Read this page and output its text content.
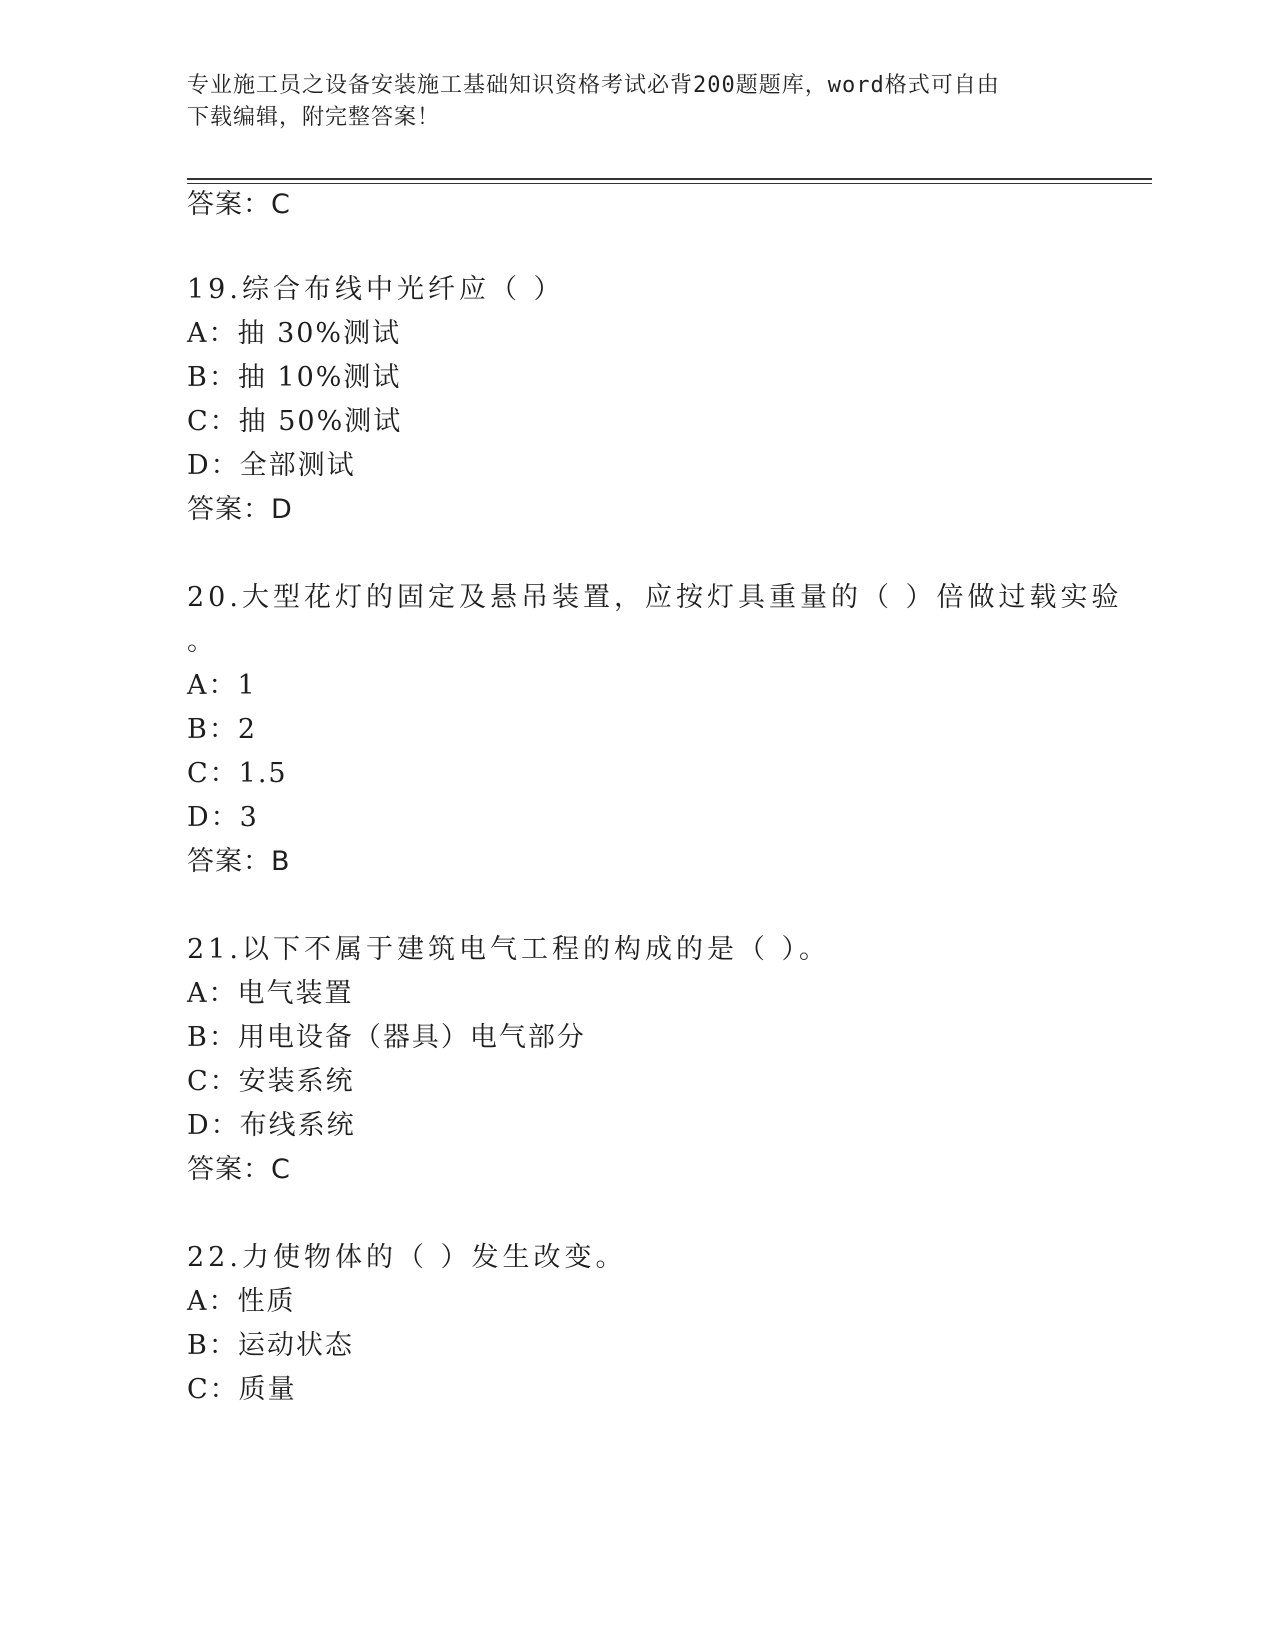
专业施工员之设备安装施工基础知识资格考试必背200题题库，word格式可自由
下载编辑，附完整答案！
答案：C
19.综合布线中光纤应（ ）
A：抽 30%测试
B：抽 10%测试
C：抽 50%测试
D：全部测试
答案：D
20.大型花灯的固定及悬吊装置，应按灯具重量的（ ）倍做过载实验
。
A：1
B：2
C：1.5
D：3
答案：B
21.以下不属于建筑电气工程的构成的是（ ）。
A：电气装置
B：用电设备（器具）电气部分
C：安装系统
D：布线系统
答案：C
22.力使物体的（ ）发生改变。
A：性质
B：运动状态
C：质量
